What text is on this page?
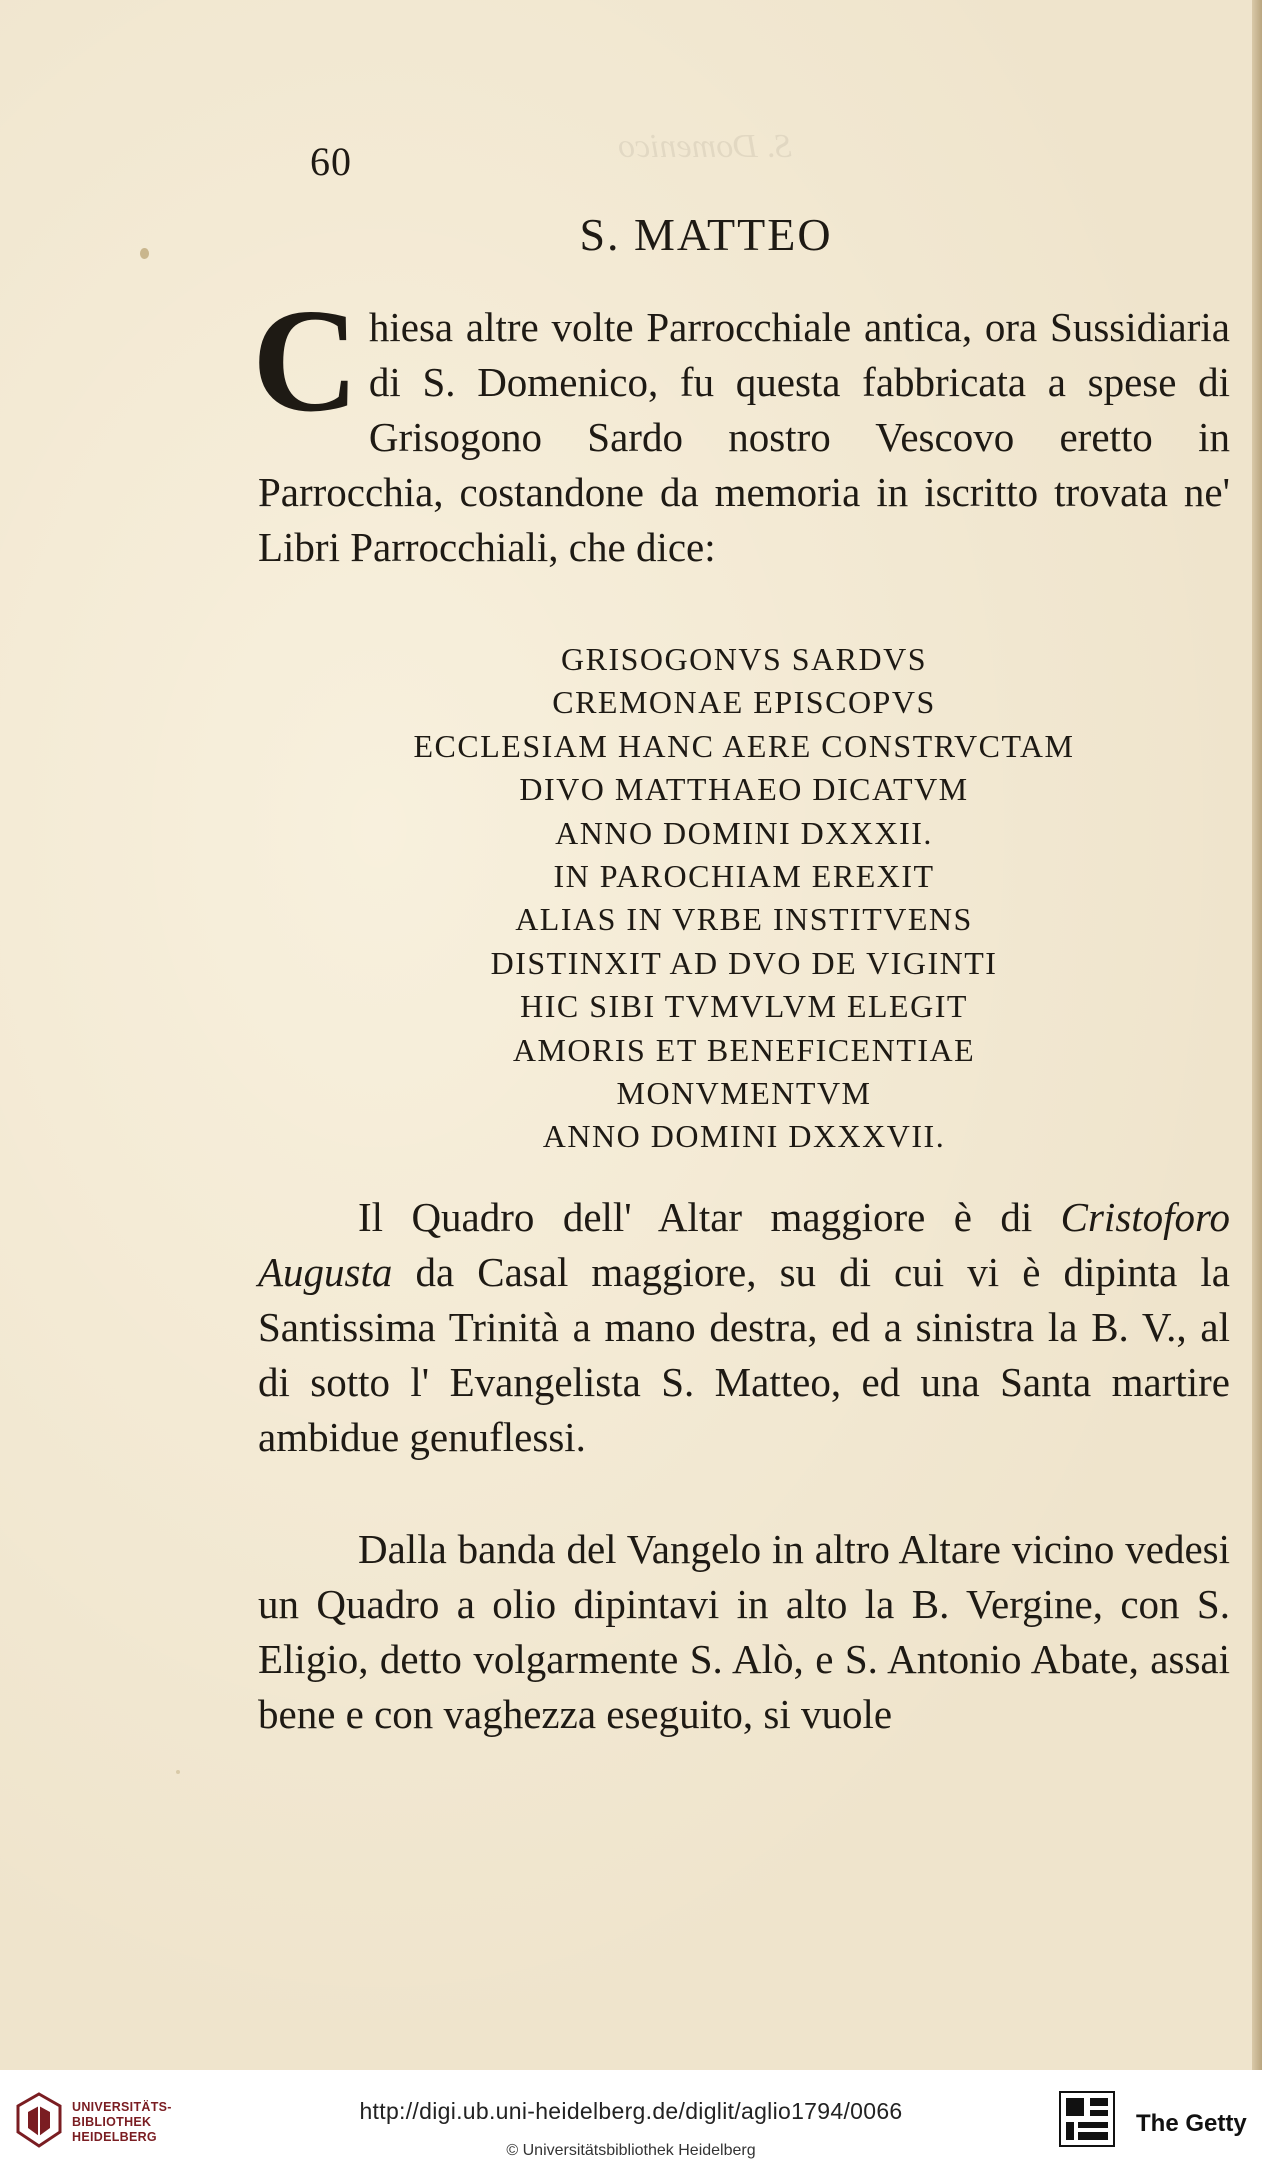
60	S. Domenico
S. MATTEO
Chiesa altre volte Parrocchiale antica, ora Sussidiaria di S. Domenico, fu questa fabbricata a spese di Grisogono Sardo nostro Vescovo eretto in Parrocchia, costandone da memoria in iscritto trovata ne' Libri Parrocchiali, che dice:
GRISOGONVS SARDVS
CREMONAE EPISCOPVS
ECCLESIAM HANC AERE CONSTRVCTAM
DIVO MATTHAEO DICATVM
ANNO DOMINI DXXXII.
IN PAROCHIAM EREXIT
ALIAS IN VRBE INSTITVENS
DISTINXIT AD DVO DE VIGINTI
HIC SIBI TVMVLVM ELEGIT
AMORIS ET BENEFICENTIAE
MONVMENTVM
ANNO DOMINI DXXXVII.
Il Quadro dell' Altar maggiore è di Cristoforo Augusta da Casal maggiore, su di cui vi è dipinta la Santissima Trinità a mano destra, ed a sinistra la B. V., al di sotto l' Evangelista S. Matteo, ed una Santa martire ambidue genuflessi.
Dalla banda del Vangelo in altro Altare vicino vedesi un Quadro a olio dipintavi in alto la B. Vergine, con S. Eligio, detto volgarmente S. Alò, e S. Antonio Abate, assai bene e con vaghezza eseguito, si vuole
UNIVERSITÄTS-
BIBLIOTHEK
HEIDELBERG
http://digi.ub.uni-heidelberg.de/diglit/aglio1794/0066
© Universitätsbibliothek Heidelberg
The Getty
